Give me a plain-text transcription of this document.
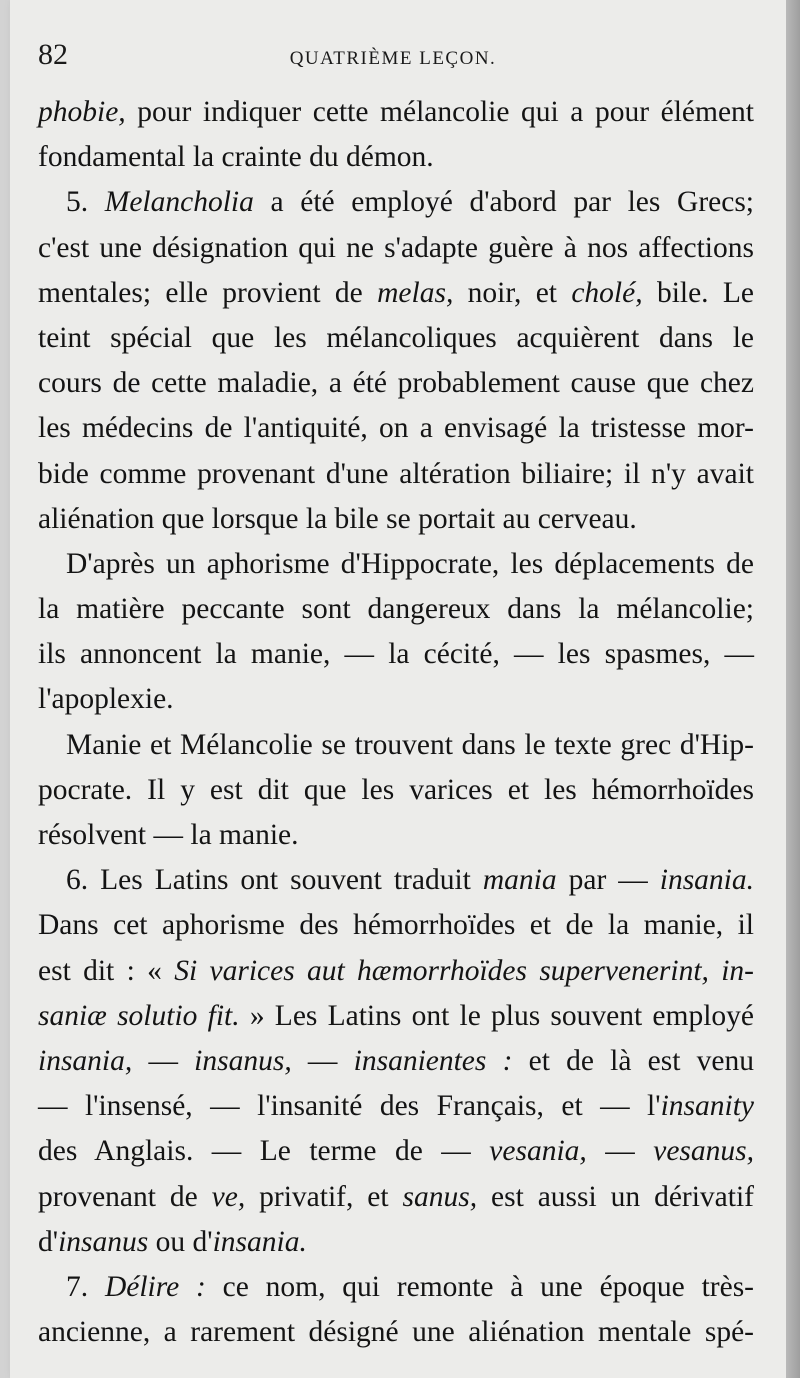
82	QUATRIÈME LEÇON.
phobie, pour indiquer cette mélancolie qui a pour élément
fondamental la crainte du démon.
5. Melancholia a été employé d'abord par les Grecs;
c'est une désignation qui ne s'adapte guère à nos affections
mentales; elle provient de melas, noir, et cholé, bile. Le
teint spécial que les mélancoliques acquièrent dans le
cours de cette maladie, a été probablement cause que chez
les médecins de l'antiquité, on a envisagé la tristesse mor-
bide comme provenant d'une altération biliaire; il n'y avait
aliénation que lorsque la bile se portait au cerveau.
D'après un aphorisme d'Hippocrate, les déplacements de
la matière peccante sont dangereux dans la mélancolie;
ils annoncent la manie, — la cécité, — les spasmes, —
l'apoplexie.
Manie et Mélancolie se trouvent dans le texte grec d'Hip-
pocrate. Il y est dit que les varices et les hémorrhoïdes
résolvent — la manie.
6. Les Latins ont souvent traduit mania par — insania.
Dans cet aphorisme des hémorrhoïdes et de la manie, il
est dit : « Si varices aut hæmorrhoïdes supervenerint, in-
saniæ solutio fit. » Les Latins ont le plus souvent employé
insania, — insanus, — insanientes : et de là est venu
— l'insensé, — l'insanité des Français, et — l'insanity
des Anglais. — Le terme de — vesania, — vesanus,
provenant de ve, privatif, et sanus, est aussi un dérivatif
d'insanus ou d'insania.
7. Délire : ce nom, qui remonte à une époque très-
ancienne, a rarement désigné une aliénation mentale spé-
